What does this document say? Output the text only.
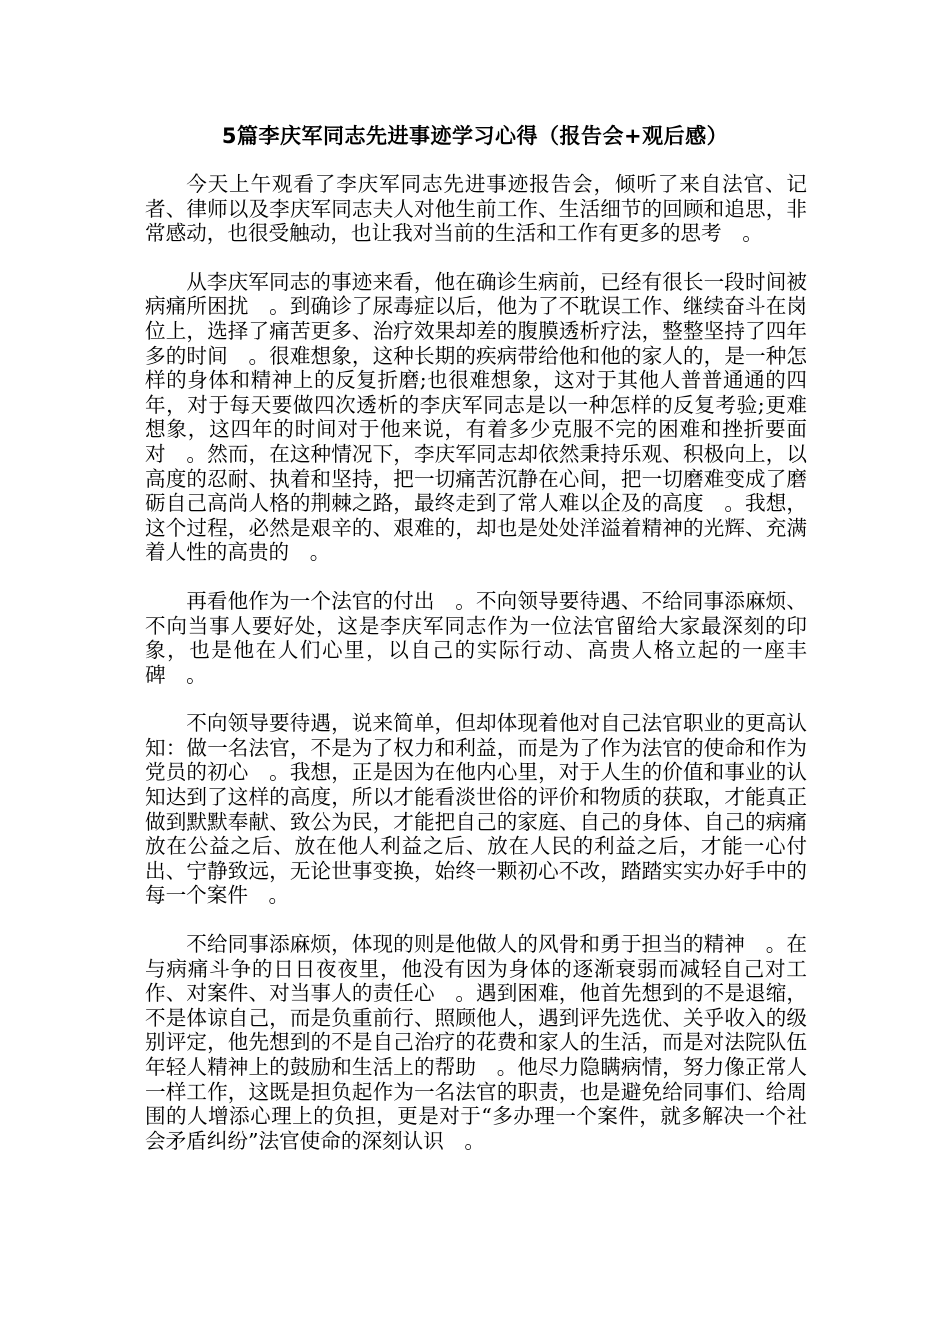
5篇李庆军同志先进事迹学习心得（报告会+观后感）

今天上午观看了李庆军同志先进事迹报告会，倾听了来自法官、记者、律师以及李庆军同志夫人对他生前工作、生活细节的回顾和追思，非常感动，也很受触动，也让我对当前的生活和工作有更多的思考　。

从李庆军同志的事迹来看，他在确诊生病前，已经有很长一段时间被病痛所困扰　。到确诊了尿毒症以后，他为了不耽误工作、继续奋斗在岗位上，选择了痛苦更多、治疗效果却差的腹膜透析疗法，整整坚持了四年多的时间　。很难想象，这种长期的疾病带给他和他的家人的，是一种怎样的身体和精神上的反复折磨;也很难想象，这对于其他人普普通通的四年，对于每天要做四次透析的李庆军同志是以一种怎样的反复考验;更难想象，这四年的时间对于他来说，有着多少克服不完的困难和挫折要面对　。然而，在这种情况下，李庆军同志却依然秉持乐观、积极向上，以高度的忍耐、执着和坚持，把一切痛苦沉静在心间，把一切磨难变成了磨砺自己高尚人格的荆棘之路，最终走到了常人难以企及的高度　。我想，这个过程，必然是艰辛的、艰难的，却也是处处洋溢着精神的光辉、充满着人性的高贵的　。

再看他作为一个法官的付出　。不向领导要待遇、不给同事添麻烦、不向当事人要好处，这是李庆军同志作为一位法官留给大家最深刻的印象，也是他在人们心里，以自己的实际行动、高贵人格立起的一座丰碑　。

不向领导要待遇，说来简单，但却体现着他对自己法官职业的更高认知：做一名法官，不是为了权力和利益，而是为了作为法官的使命和作为党员的初心　。我想，正是因为在他内心里，对于人生的价值和事业的认知达到了这样的高度，所以才能看淡世俗的评价和物质的获取，才能真正做到默默奉献、致公为民，才能把自己的家庭、自己的身体、自己的病痛放在公益之后、放在他人利益之后、放在人民的利益之后，才能一心付出、宁静致远，无论世事变换，始终一颗初心不改，踏踏实实办好手中的每一个案件　。

不给同事添麻烦，体现的则是他做人的风骨和勇于担当的精神　。在与病痛斗争的日日夜夜里，他没有因为身体的逐渐衰弱而减轻自己对工作、对案件、对当事人的责任心　。遇到困难，他首先想到的不是退缩，不是体谅自己，而是负重前行、照顾他人，遇到评先选优、关乎收入的级别评定，他先想到的不是自己治疗的花费和家人的生活，而是对法院队伍年轻人精神上的鼓励和生活上的帮助　。他尽力隐瞒病情，努力像正常人一样工作，这既是担负起作为一名法官的职责，也是避免给同事们、给周围的人增添心理上的负担，更是对于“多办理一个案件，就多解决一个社会矛盾纠纷”法官使命的深刻认识　。
